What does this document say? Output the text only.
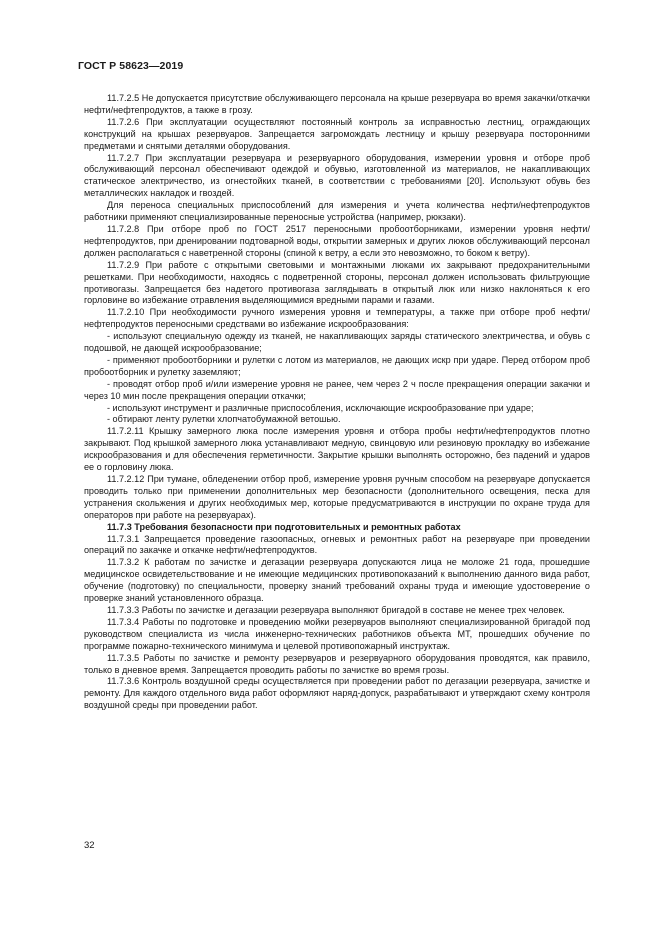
ГОСТ Р 58623—2019

11.7.2.5 Не допускается присутствие обслуживающего персонала на крыше резервуара во время закачки/откачки нефти/нефтепродуктов, а также в грозу.

11.7.2.6 При эксплуатации осуществляют постоянный контроль за исправностью лестниц, ограждающих конструкций на крышах резервуаров. Запрещается загромождать лестницу и крышу резервуара посторонними предметами и снятыми деталями оборудования.

11.7.2.7 При эксплуатации резервуара и резервуарного оборудования, измерении уровня и отборе проб обслуживающий персонал обеспечивают одеждой и обувью, изготовленной из материалов, не накапливающих статическое электричество, из огнестойких тканей, в соответствии с требованиями [20]. Используют обувь без металлических накладок и гвоздей.

Для переноса специальных приспособлений для измерения и учета количества нефти/нефтепродуктов работники применяют специализированные переносные устройства (например, рюкзаки).

11.7.2.8 При отборе проб по ГОСТ 2517 переносными пробоотборниками, измерении уровня нефти/нефтепродуктов, при дренировании подтоварной воды, открытии замерных и других люков обслуживающий персонал должен располагаться с наветренной стороны (спиной к ветру, а если это невозможно, то боком к ветру).

11.7.2.9 При работе с открытыми световыми и монтажными люками их закрывают предохранительными решетками. При необходимости, находясь с подветренной стороны, персонал должен использовать фильтрующие противогазы. Запрещается без надетого противогаза заглядывать в открытый люк или низко наклоняться к его горловине во избежание отравления выделяющимися вредными парами и газами.

11.7.2.10 При необходимости ручного измерения уровня и температуры, а также при отборе проб нефти/нефтепродуктов переносными средствами во избежание искрообразования:

- используют специальную одежду из тканей, не накапливающих заряды статического электричества, и обувь с подошвой, не дающей искрообразование;

- применяют пробоотборники и рулетки с лотом из материалов, не дающих искр при ударе. Перед отбором проб пробоотборник и рулетку заземляют;

- проводят отбор проб и/или измерение уровня не ранее, чем через 2 ч после прекращения операции закачки и через 10 мин после прекращения операции откачки;

- используют инструмент и различные приспособления, исключающие искрообразование при ударе;

- обтирают ленту рулетки хлопчатобумажной ветошью.

11.7.2.11 Крышку замерного люка после измерения уровня и отбора пробы нефти/нефтепродуктов плотно закрывают. Под крышкой замерного люка устанавливают медную, свинцовую или резиновую прокладку во избежание искрообразования и для обеспечения герметичности. Закрытие крышки выполнять осторожно, без падений и ударов ее о горловину люка.

11.7.2.12 При тумане, обледенении отбор проб, измерение уровня ручным способом на резервуаре допускается проводить только при применении дополнительных мер безопасности (дополнительного освещения, песка для устранения скольжения и других необходимых мер, которые предусматриваются в инструкции по охране труда для операторов при работе на резервуарах).

11.7.3 Требования безопасности при подготовительных и ремонтных работах

11.7.3.1 Запрещается проведение газоопасных, огневых и ремонтных работ на резервуаре при проведении операций по закачке и откачке нефти/нефтепродуктов.

11.7.3.2 К работам по зачистке и дегазации резервуара допускаются лица не моложе 21 года, прошедшие медицинское освидетельствование и не имеющие медицинских противопоказаний к выполнению данного вида работ, обучение (подготовку) по специальности, проверку знаний требований охраны труда и имеющие удостоверение о проверке знаний установленного образца.

11.7.3.3 Работы по зачистке и дегазации резервуара выполняют бригадой в составе не менее трех человек.

11.7.3.4 Работы по подготовке и проведению мойки резервуаров выполняют специализированной бригадой под руководством специалиста из числа инженерно-технических работников объекта МТ, прошедших обучение по программе пожарно-технического минимума и целевой противопожарный инструктаж.

11.7.3.5 Работы по зачистке и ремонту резервуаров и резервуарного оборудования проводятся, как правило, только в дневное время. Запрещается проводить работы по зачистке во время грозы.

11.7.3.6 Контроль воздушной среды осуществляется при проведении работ по дегазации резервуара, зачистке и ремонту. Для каждого отдельного вида работ оформляют наряд-допуск, разрабатывают и утверждают схему контроля воздушной среды при проведении работ.

32
